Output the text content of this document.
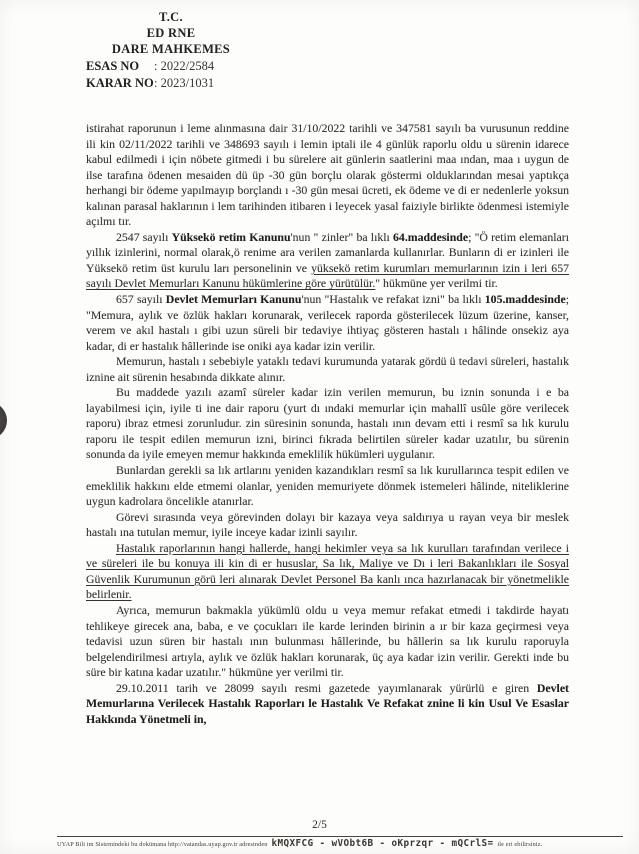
T.C.
ED RNE
DARE MAHKEMES
ESAS NO	: 2022/2584
KARAR NO : 2023/1031

istirahat raporunun i leme alınmasına dair 31/10/2022 tarihli ve 347581 sayılı ba vurusunun reddine ili kin 02/11/2022 tarihli ve 348693 sayılı i lemin iptali ile 4 günlük raporlu oldu u sürenin idarece kabul edilmedi i için nöbete gitmedi i bu sürelere ait günlerin saatlerini maa ından, maa ı uygun de ilse tarafına ödenen mesaiden dü üp -30 gün borçlu olarak göstermi olduklarından mesai yaptıkça herhangi bir ödeme yapılmayıp borçlandı ı -30 gün mesai ücreti, ek ödeme ve di er nedenlerle yoksun kalınan parasal haklarının i lem tarihinden itibaren i leyecek yasal faiziyle birlikte ödenmesi istemiyle açılmı tır.

2547 sayılı Yüksekö retim Kanunu'nun " zinler" ba lıklı 64.maddesinde; "Ö retim elemanları yıllık izinlerini, normal olarak,ö renime ara verilen zamanlarda kullanırlar. Bunların di er izinleri ile Yüksekö retim üst kurulu ları personelinin ve yüksekö retim kurumları memurlarının izin i leri 657 sayılı Devlet Memurları Kanunu hükümlerine göre yürütülür." hükmüne yer verilmi tir.

657 sayılı Devlet Memurları Kanunu'nun "Hastalık ve refakat izni" ba lıklı 105.maddesinde; "Memura, aylık ve özlük hakları korunarak, verilecek raporda gösterilecek lüzum üzerine, kanser, verem ve akıl hastalı ı gibi uzun süreli bir tedaviye ihtiyaç gösteren hastalı ı hâlinde onsekiz aya kadar, di er hastalık hâllerinde ise oniki aya kadar izin verilir.

Memurun, hastalı ı sebebiyle yataklı tedavi kurumunda yatarak gördü ü tedavi süreleri, hastalık iznine ait sürenin hesabında dikkate alınır.

Bu maddede yazılı azamî süreler kadar izin verilen memurun, bu iznin sonunda i e ba layabilmesi için, iyile ti ine dair raporu (yurt dı ındaki memurlar için mahallî usûle göre verilecek raporu) ibraz etmesi zorunludur. zin süresinin sonunda, hastalı ının devam etti i resmî sa lık kurulu raporu ile tespit edilen memurun izni, birinci fıkrada belirtilen süreler kadar uzatılır, bu sürenin sonunda da iyile emeyen memur hakkında emeklilik hükümleri uygulanır.

Bunlardan gerekli sa lık artlarını yeniden kazandıkları resmî sa lık kurullarınca tespit edilen ve emeklilik hakkını elde etmemi olanlar, yeniden memuriyete dönmek istemeleri hâlinde, niteliklerine uygun kadrolara öncelikle atanırlar.

Görevi sırasında veya görevinden dolayı bir kazaya veya saldırıya u rayan veya bir meslek hastalı ına tutulan memur, iyile inceye kadar izinli sayılır.

Hastalık raporlarının hangi hallerde, hangi hekimler veya sa lık kurulları tarafından verilece i ve süreleri ile bu konuya ili kin di er hususlar, Sa lık, Maliye ve Dı i leri Bakanlıkları ile Sosyal Güvenlik Kurumunun görü leri alınarak Devlet Personel Ba kanlı ınca hazırlanacak bir yönetmelikle belirlenir.

Ayrıca, memurun bakmakla yükümlü oldu u veya memur refakat etmedi i takdirde hayatı tehlikeye girecek ana, baba, e ve çocukları ile karde lerinden birinin a ır bir kaza geçirmesi veya tedavisi uzun süren bir hastalı ının bulunması hâllerinde, bu hâllerin sa lık kurulu raporuyla belgelendirilmesi artıyla, aylık ve özlük hakları korunarak, üç aya kadar izin verilir. Gerekti inde bu süre bir katına kadar uzatılır." hükmüne yer verilmi tir.

29.10.2011 tarih ve 28099 sayılı resmi gazetede yayımlanarak yürürlü e giren Devlet Memurlarına Verilecek Hastalık Raporları le Hastalık Ve Refakat znine li kin Usul Ve Esaslar Hakkında Yönetmeli in,

2/5
UYAP Bili im Sistemindeki bu dokümana http://vatandas.uyap.gov.tr adresinden kMQXFCG - wVObt6B - oKprzqr - mQCrlS= ile eri ebilirsiniz.
